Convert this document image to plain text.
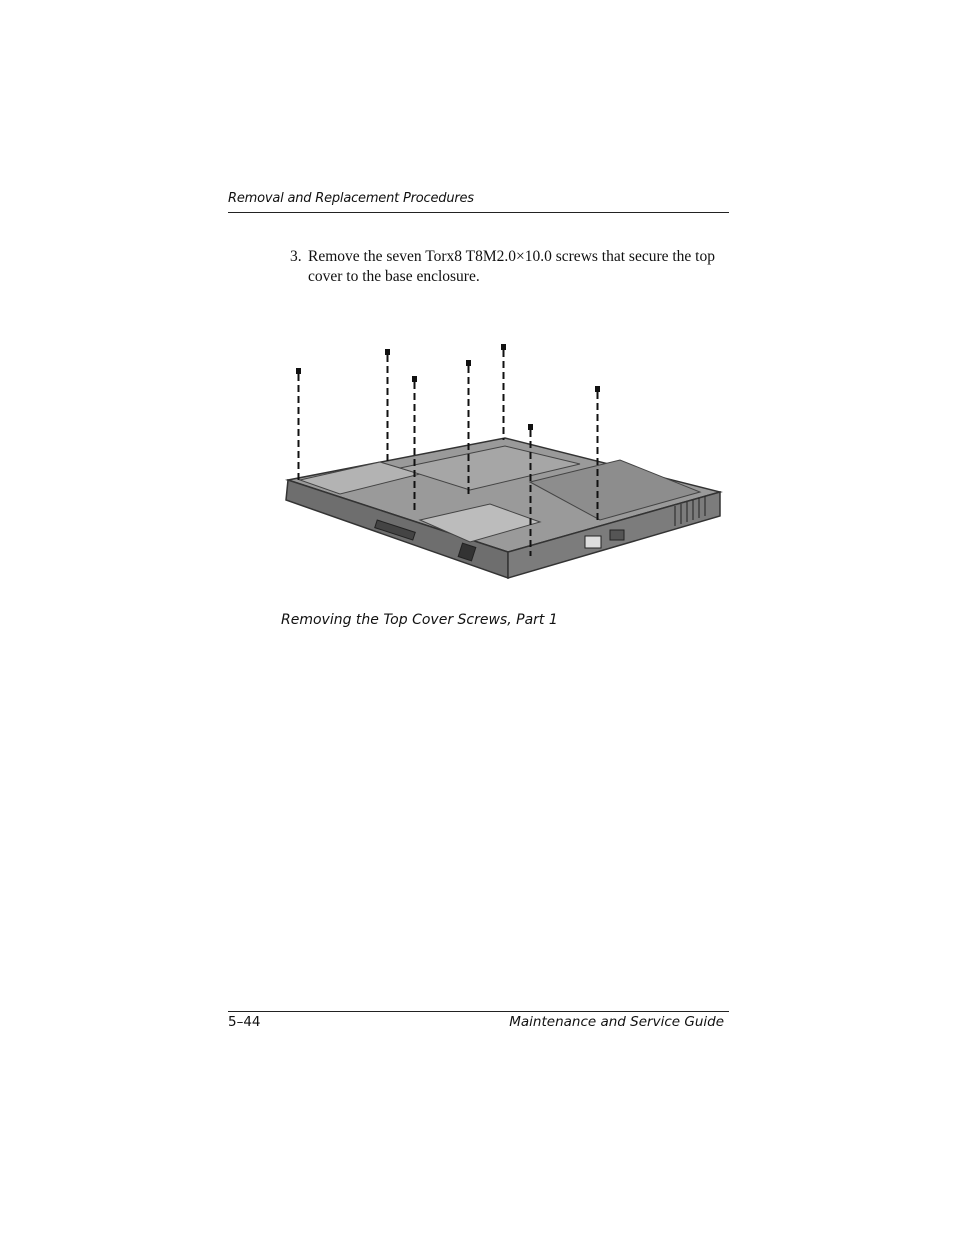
Removal and Replacement Procedures
3. Remove the seven Torx8 T8M2.0×10.0 screws that secure the top cover to the base enclosure.
Removing the Top Cover Screws, Part 1
5–44	Maintenance and Service Guide
